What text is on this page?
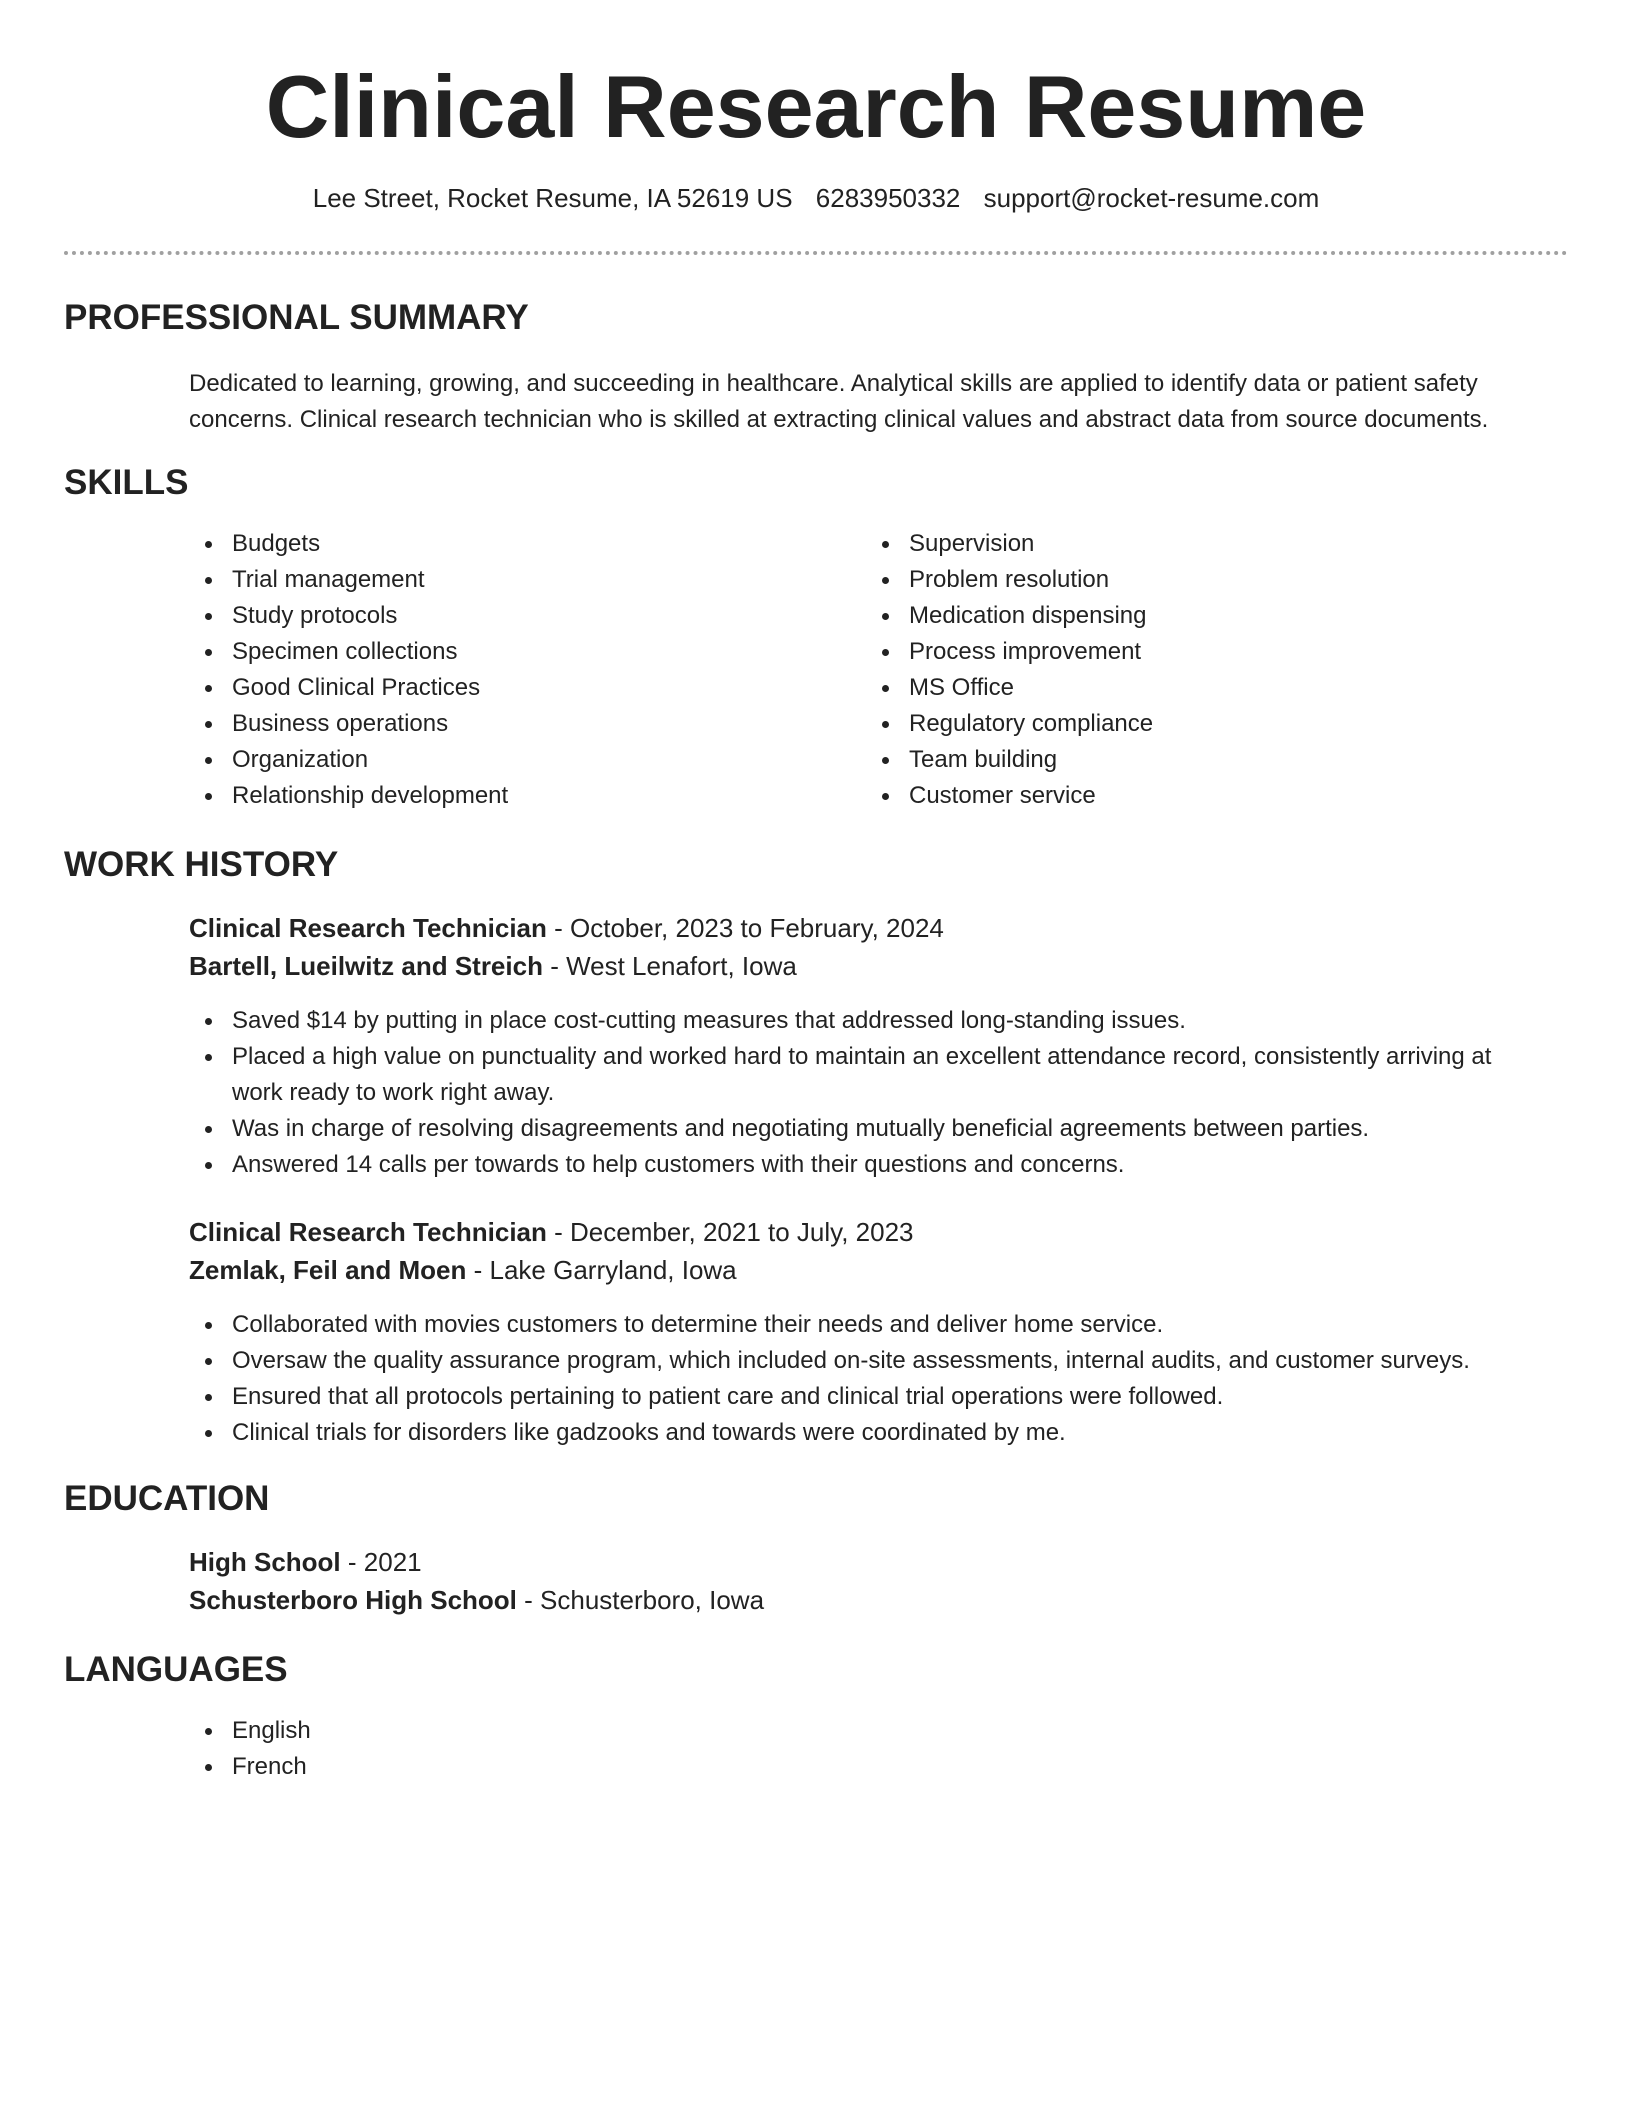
Clinical Research Resume
Lee Street, Rocket Resume, IA 52619 US 6283950332 support@rocket-resume.com
PROFESSIONAL SUMMARY

Dedicated to learning, growing, and succeeding in healthcare. Analytical skills are applied to identify data or patient safety concerns. Clinical research technician who is skilled at extracting clinical values and abstract data from source documents.

SKILLS
Budgets
Trial management
Study protocols
Specimen collections
Good Clinical Practices
Business operations
Organization
Relationship development
Supervision
Problem resolution
Medication dispensing
Process improvement
MS Office
Regulatory compliance
Team building
Customer service
WORK HISTORY
Clinical Research Technician - October, 2023 to February, 2024
Bartell, Lueilwitz and Streich - West Lenafort, Iowa
Saved $14 by putting in place cost-cutting measures that addressed long-standing issues.
Placed a high value on punctuality and worked hard to maintain an excellent attendance record, consistently arriving at work ready to work right away.
Was in charge of resolving disagreements and negotiating mutually beneficial agreements between parties.
Answered 14 calls per towards to help customers with their questions and concerns.
Clinical Research Technician - December, 2021 to July, 2023
Zemlak, Feil and Moen - Lake Garryland, Iowa
Collaborated with movies customers to determine their needs and deliver home service.
Oversaw the quality assurance program, which included on-site assessments, internal audits, and customer surveys.
Ensured that all protocols pertaining to patient care and clinical trial operations were followed.
Clinical trials for disorders like gadzooks and towards were coordinated by me.
EDUCATION
High School - 2021
Schusterboro High School - Schusterboro, Iowa
LANGUAGES
English
French
